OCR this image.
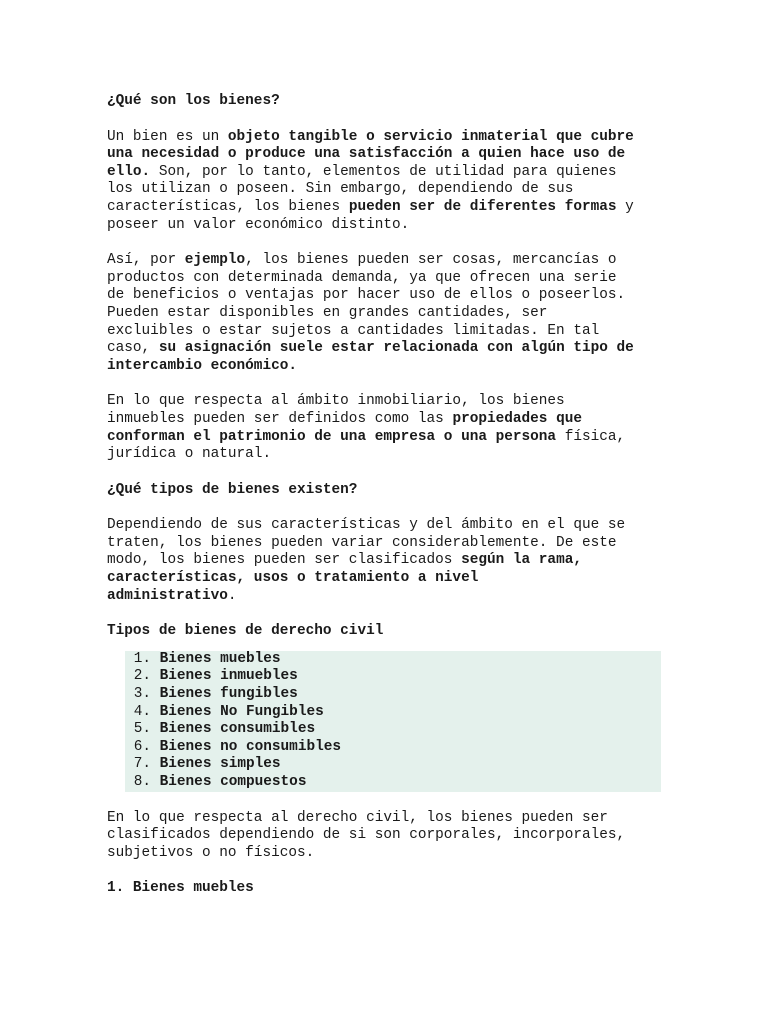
¿Qué son los bienes?

Un bien es un objeto tangible o servicio inmaterial que cubre
una necesidad o produce una satisfacción a quien hace uso de
ello. Son, por lo tanto, elementos de utilidad para quienes
los utilizan o poseen. Sin embargo, dependiendo de sus
características, los bienes pueden ser de diferentes formas y
poseer un valor económico distinto.

Así, por ejemplo, los bienes pueden ser cosas, mercancías o
productos con determinada demanda, ya que ofrecen una serie
de beneficios o ventajas por hacer uso de ellos o poseerlos.
Pueden estar disponibles en grandes cantidades, ser
excluibles o estar sujetos a cantidades limitadas. En tal
caso, su asignación suele estar relacionada con algún tipo de
intercambio económico.

En lo que respecta al ámbito inmobiliario, los bienes
inmuebles pueden ser definidos como las propiedades que
conforman el patrimonio de una empresa o una persona física,
jurídica o natural.

¿Qué tipos de bienes existen?

Dependiendo de sus características y del ámbito en el que se
traten, los bienes pueden variar considerablemente. De este
modo, los bienes pueden ser clasificados según la rama,
características, usos o tratamiento a nivel
administrativo.

Tipos de bienes de derecho civil

1.
Bienes muebles
2.
Bienes inmuebles
3.
Bienes fungibles
4.
Bienes No Fungibles
5.
Bienes consumibles
6.
Bienes no consumibles
7.
Bienes simples
8.
Bienes compuestos

En lo que respecta al derecho civil, los bienes pueden ser
clasificados dependiendo de si son corporales, incorporales,
subjetivos o no físicos.

1. Bienes muebles
